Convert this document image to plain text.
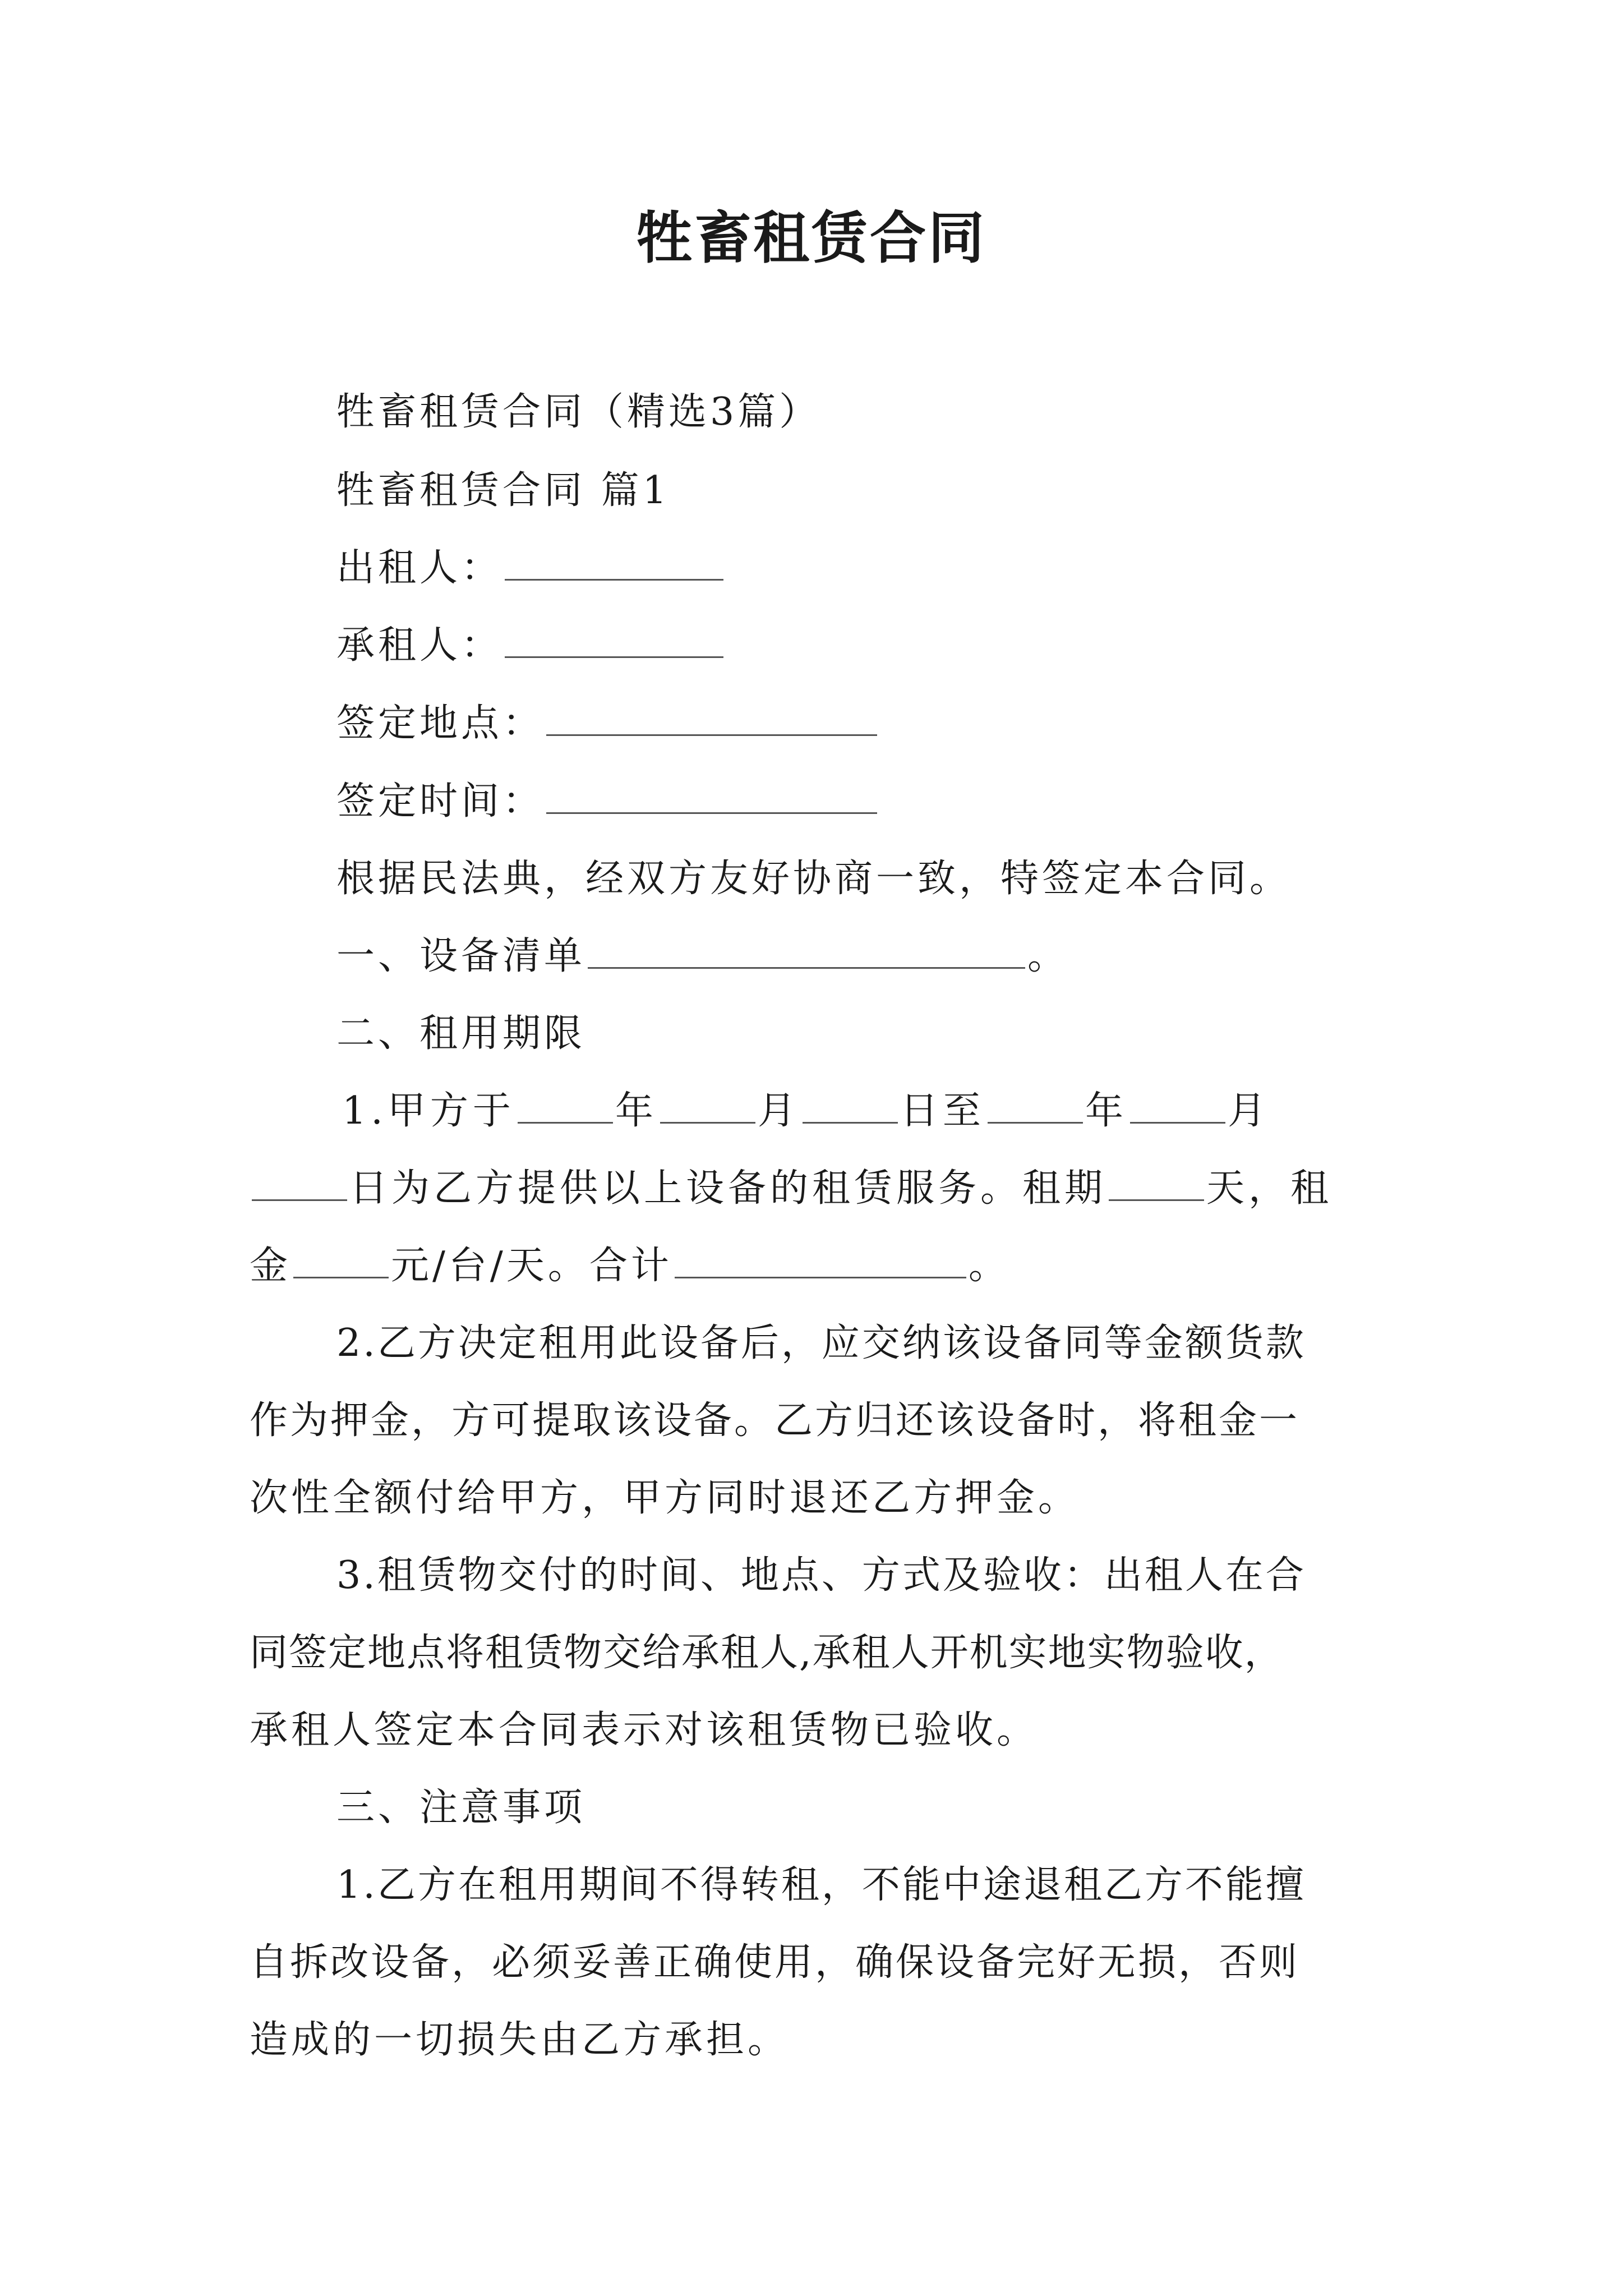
牲畜租赁合同
牲畜租赁合同（精选3篇）
牲畜租赁合同 篇1
出租人：
承租人：
签定地点：
签定时间：
根据民法典，经双方友好协商一致，特签定本合同。
一、设备清单	。
二、租用期限
1.甲方于	年	月	日至	年	月
日为乙方提供以上设备的租赁服务。租期	天，租
金	元/台/天。合计	。
2.乙方决定租用此设备后，应交纳该设备同等金额货款
作为押金，方可提取该设备。乙方归还该设备时，将租金一
次性全额付给甲方，甲方同时退还乙方押金。
3.租赁物交付的时间、地点、方式及验收：出租人在合
同签定地点将租赁物交给承租人,承租人开机实地实物验收，
承租人签定本合同表示对该租赁物已验收。
三、注意事项
1.乙方在租用期间不得转租，不能中途退租乙方不能擅
自拆改设备，必须妥善正确使用，确保设备完好无损，否则
造成的一切损失由乙方承担。
